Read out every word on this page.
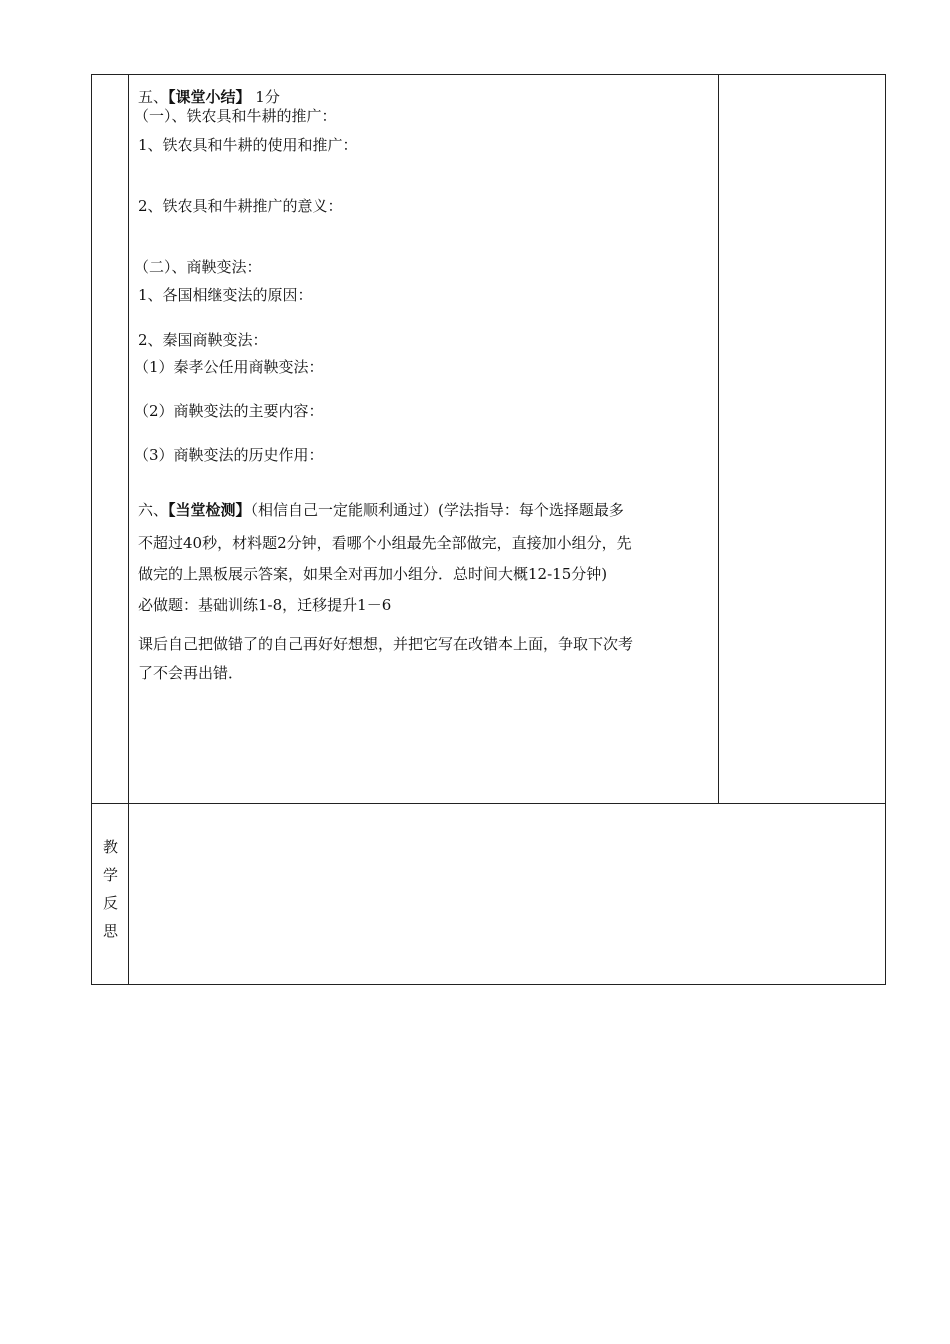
五、【课堂小结】 1分
（一）、铁农具和牛耕的推广：
1、铁农具和牛耕的使用和推广：
2、铁农具和牛耕推广的意义：
（二）、商鞅变法：
1、各国相继变法的原因：
2、秦国商鞅变法：
（1）秦孝公任用商鞅变法：
（2）商鞅变法的主要内容：
（3）商鞅变法的历史作用：
六、【当堂检测】（相信自己一定能顺利通过）(学法指导：每个选择题最多
不超过40秒，材料题2分钟，看哪个小组最先全部做完，直接加小组分，先
做完的上黑板展示答案，如果全对再加小组分．总时间大概12-15分钟)
必做题：基础训练1-8，迁移提升1－6
课后自己把做错了的自己再好好想想，并把它写在改错本上面，争取下次考
了不会再出错．
教
学
反
思
